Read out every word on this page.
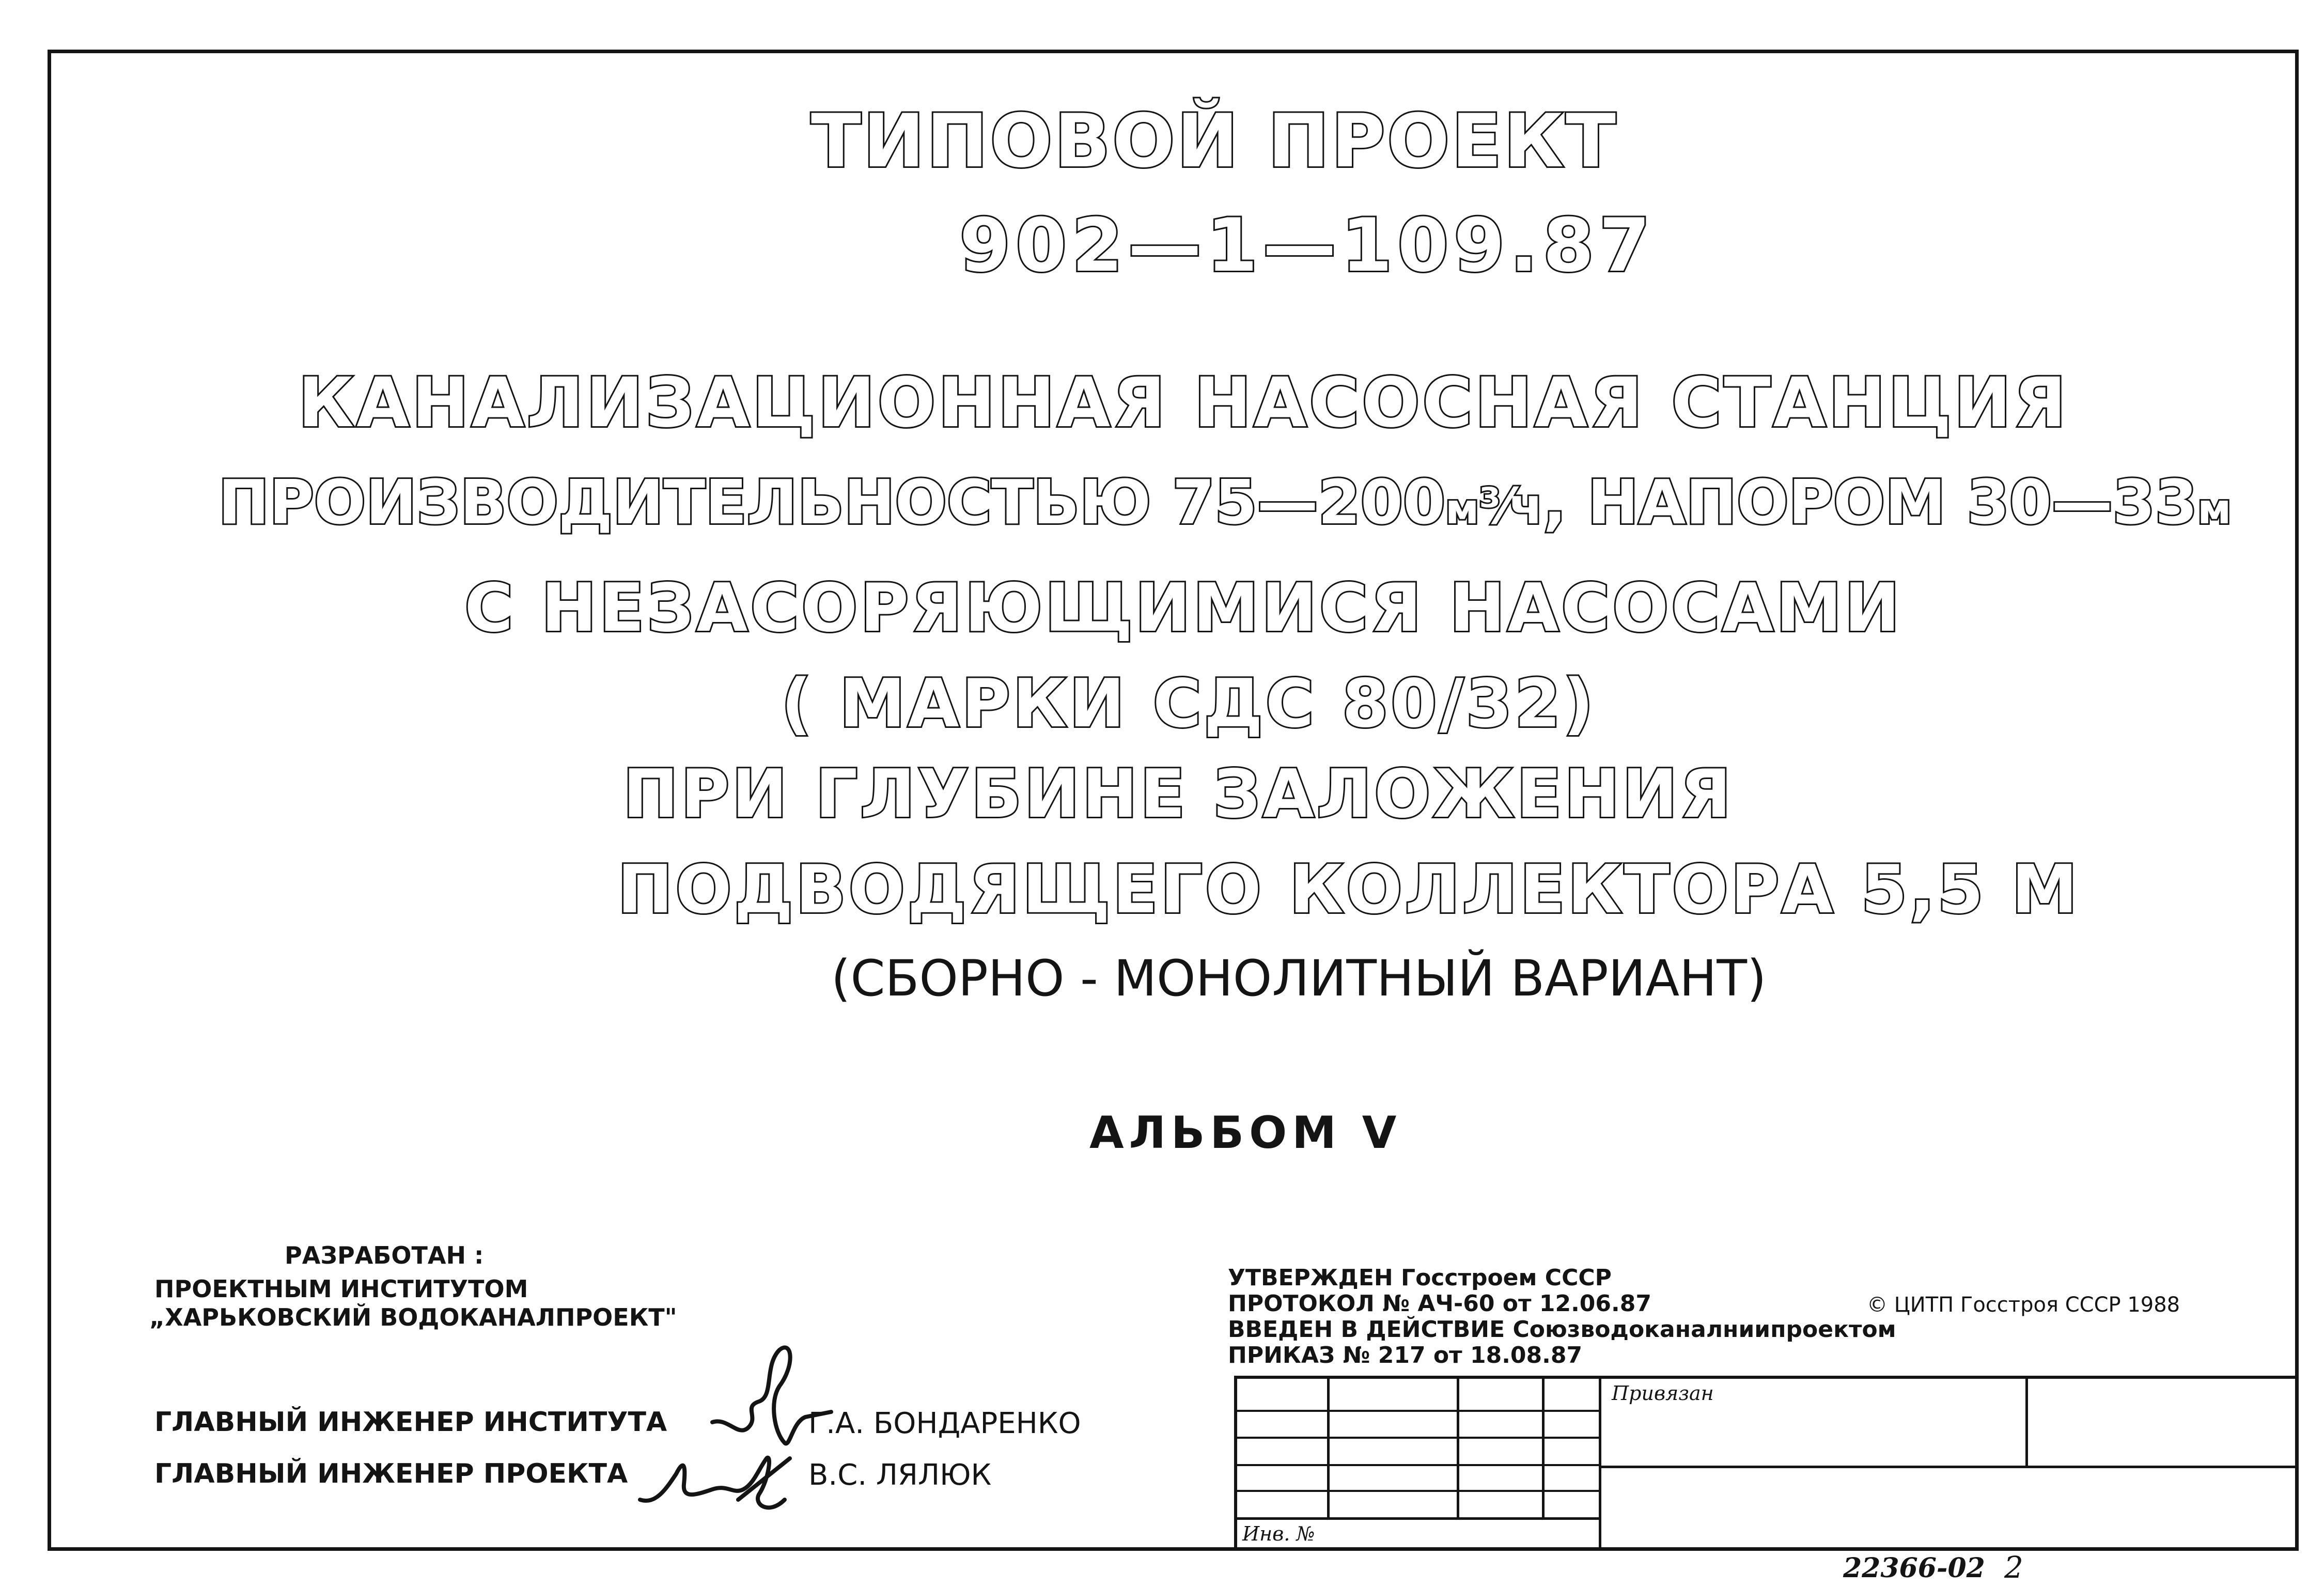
ТИПОВОЙ ПРОЕКТ
902—1—109.87
КАНАЛИЗАЦИОННАЯ НАСОСНАЯ СТАНЦИЯ
ПРОИЗВОДИТЕЛЬНОСТЬЮ 75—200м³⁄ч, НАПОРОМ 30—33м
С НЕЗАСОРЯЮЩИМИСЯ НАСОСАМИ
( МАРКИ СДС 80/32)
ПРИ ГЛУБИНЕ ЗАЛОЖЕНИЯ
ПОДВОДЯЩЕГО КОЛЛЕКТОРА 5,5 М
(СБОРНО - МОНОЛИТНЫЙ ВАРИАНТ)
АЛЬБОМ V
РАЗРАБОТАН :
ПРОЕКТНЫМ ИНСТИТУТОМ
„ХАРЬКОВСКИЙ ВОДОКАНАЛПРОЕКТ"
ГЛАВНЫЙ ИНЖЕНЕР ИНСТИТУТА	Г.А. БОНДАРЕНКО
ГЛАВНЫЙ ИНЖЕНЕР ПРОЕКТА	В.С. ЛЯЛЮК
УТВЕРЖДЕН Госстроем СССР
ПРОТОКОЛ № АЧ-60 от 12.06.87	© ЦИТП Госстроя СССР 1988
ВВЕДЕН В ДЕЙСТВИЕ Союзводоканалниипроектом
ПРИКАЗ № 217 от 18.08.87
Привязан
Инв. №
22366-02 2
